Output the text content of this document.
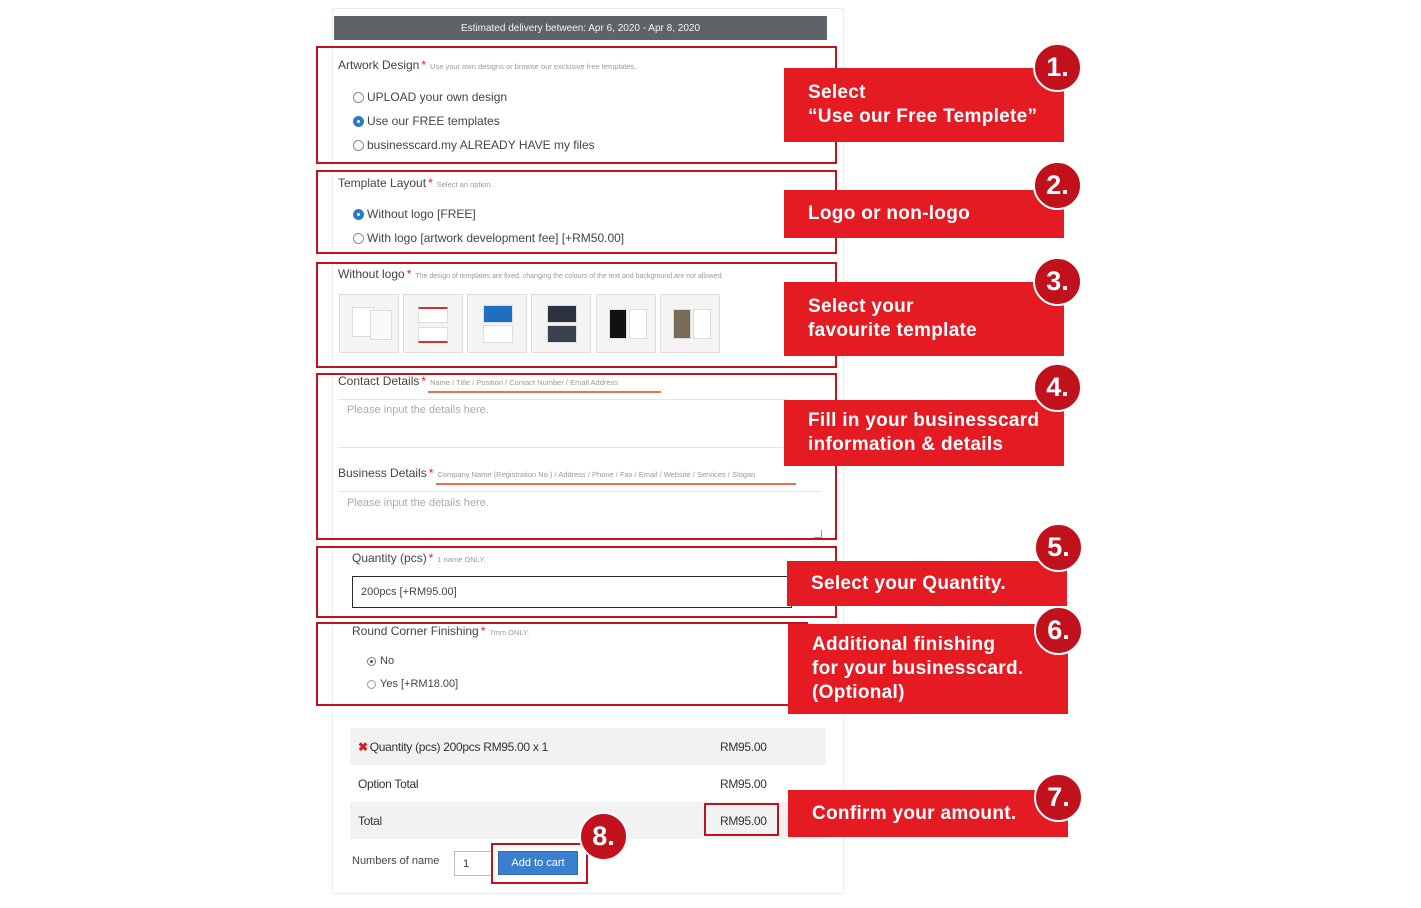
Estimated delivery between: Apr 6, 2020 - Apr 8, 2020
Artwork Design * Use your own designs or browse our exclusive free templates.
UPLOAD your own design
Use our FREE templates
businesscard.my ALREADY HAVE my files
Template Layout * Select an option.
Without logo [FREE]
With logo [artwork development fee] [+RM50.00]
Without logo * The design of templates are fixed, changing the colours of the text and background are not allowed.
Contact Details * Name / Title / Position / Contact Number / Email Address
Please input the details here.
Business Details * Company Name (Registration No.) / Address / Phone / Fax / Email / Website / Services / Slogan
Please input the details here.
Quantity (pcs) * 1 name ONLY.
200pcs [+RM95.00]
Round Corner Finishing * 7mm ONLY.
No
Yes [+RM18.00]
✖ Quantity (pcs) 200pcs RM95.00 x 1	RM95.00
Option Total	RM95.00
Total	RM95.00
Numbers of name	1	Add to cart
Select
“Use our Free Templete”
1.
Logo or non-logo
2.
Select your
favourite template
3.
Fill in your businesscard
information & details
4.
Select your Quantity.
5.
Additional finishing
for your businesscard.
(Optional)
6.
Confirm your amount.
7.
8.
